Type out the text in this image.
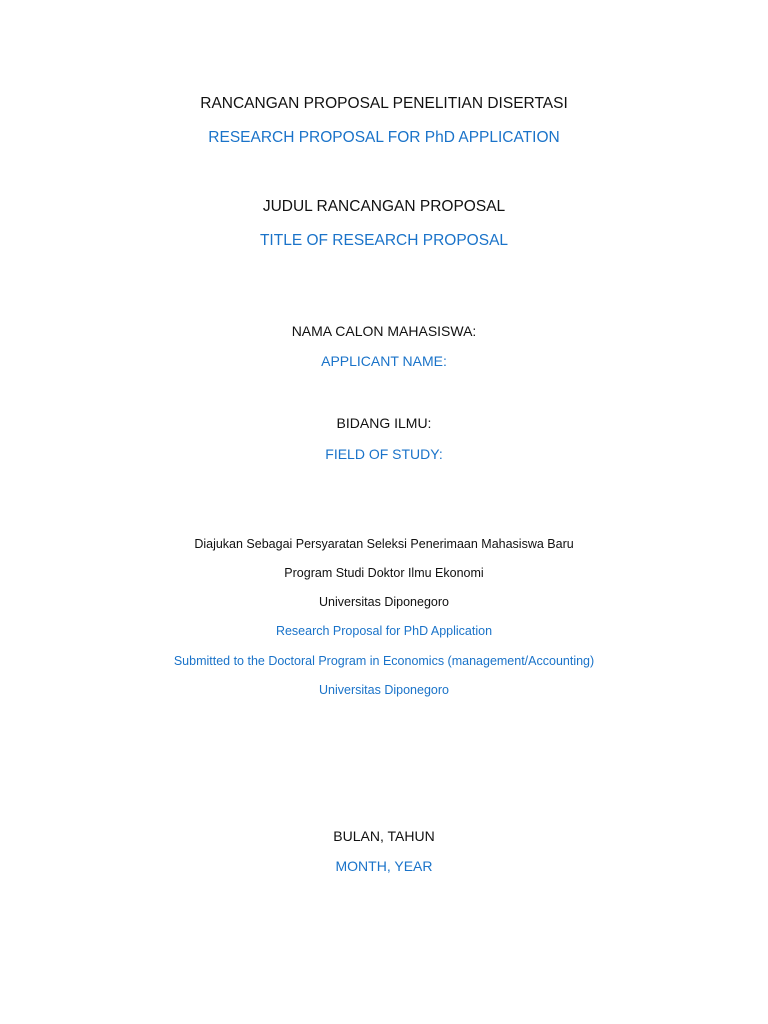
RANCANGAN PROPOSAL PENELITIAN DISERTASI
RESEARCH PROPOSAL FOR PhD APPLICATION
JUDUL RANCANGAN PROPOSAL
TITLE OF RESEARCH PROPOSAL
NAMA CALON MAHASISWA:
APPLICANT NAME:
BIDANG ILMU:
FIELD OF STUDY:
Diajukan Sebagai Persyaratan Seleksi Penerimaan Mahasiswa Baru
Program Studi Doktor Ilmu Ekonomi
Universitas Diponegoro
Research Proposal for PhD Application
Submitted to the Doctoral Program in Economics (management/Accounting)
Universitas Diponegoro
BULAN, TAHUN
MONTH, YEAR
